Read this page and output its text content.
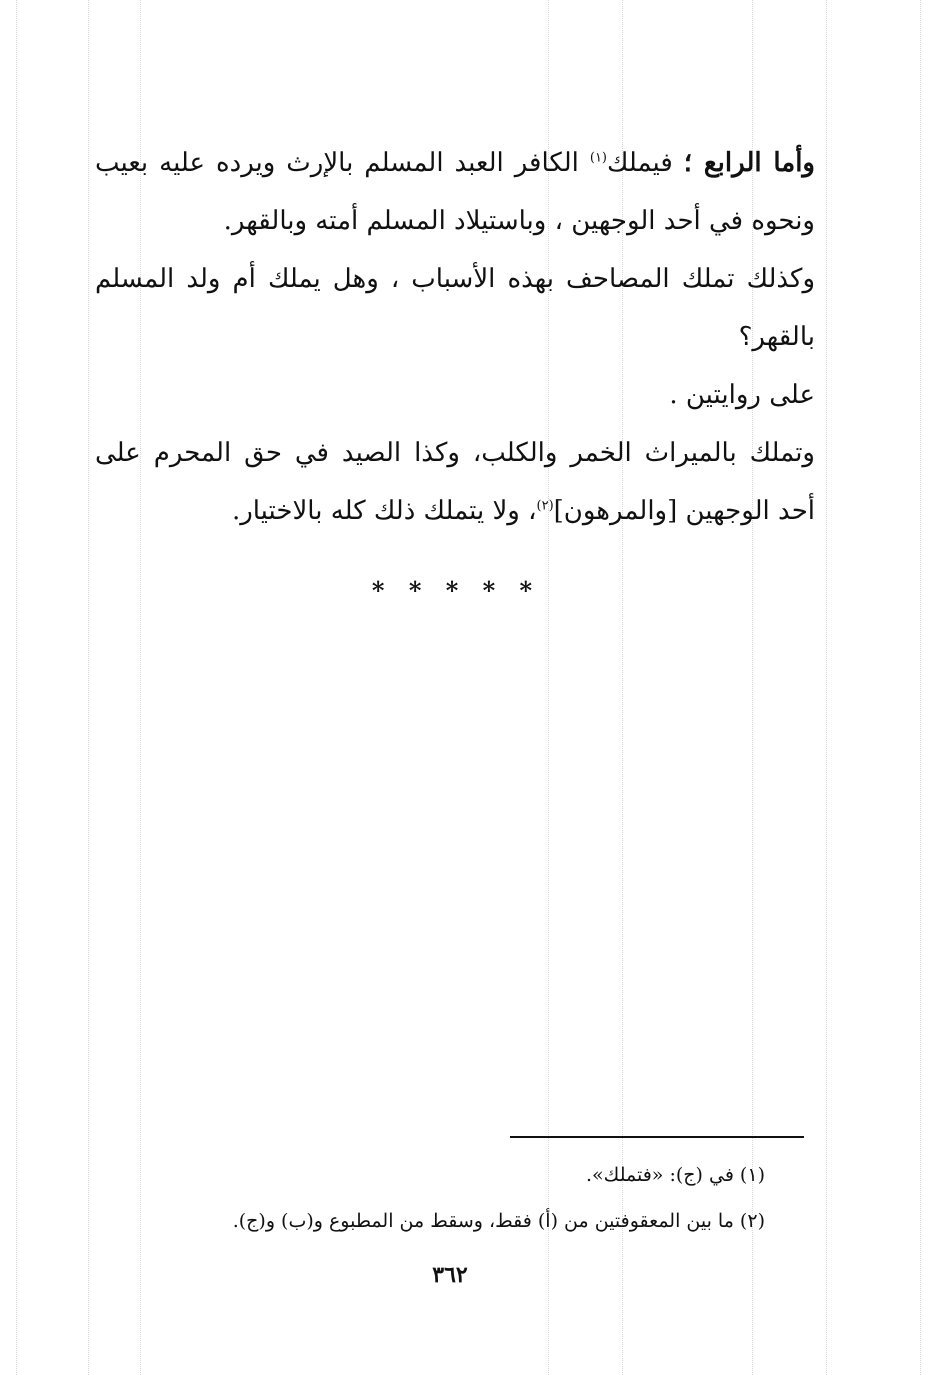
وأما الرابع ؛ فيملك$^{(١)}$ الكافر العبد المسلم بالإرث ويرده عليه بعيب ونحوه في أحد الوجهين ، وباستيلاد المسلم أمته وبالقهر.

وكذلك تملك المصاحف بهذه الأسباب ، وهل يملك أم ولد المسلم بالقهر؟

على روايتين .

وتملك بالميراث الخمر والكلب، وكذا الصيد في حق المحرم على أحد الوجهين [والمرهون]$^{(٢)}$، ولا يتملك ذلك كله بالاختيار.

* * * * *
(١) في (ج): «فتملك».
(٢) ما بين المعقوفتين من (أ) فقط، وسقط من المطبوع و(ب) و(ج).
٣٦٢
